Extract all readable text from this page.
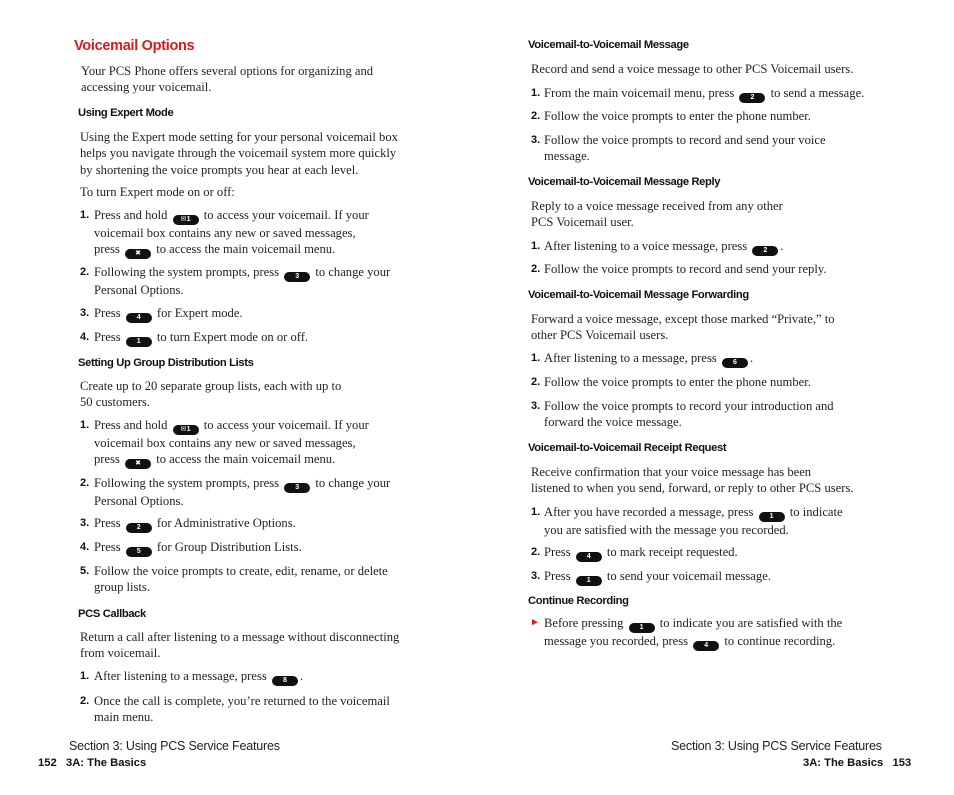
Voicemail Options
Your PCS Phone offers several options for organizing and
accessing your voicemail.
Using Expert Mode
Using the Expert mode setting for your personal voicemail box
helps you navigate through the voicemail system more quickly
by shortening the voice prompts you hear at each level.
To turn Expert mode on or off:
1. Press and hold ✉1 to access your voicemail. If your
voicemail box contains any new or saved messages,
press ✖ to access the main voicemail menu.
2. Following the system prompts, press 3 to change your
Personal Options.
3. Press 4 for Expert mode.
4. Press 1 to turn Expert mode on or off.
Setting Up Group Distribution Lists
Create up to 20 separate group lists, each with up to
50 customers.
1. Press and hold ✉1 to access your voicemail. If your
voicemail box contains any new or saved messages,
press ✖ to access the main voicemail menu.
2. Following the system prompts, press 3 to change your
Personal Options.
3. Press 2 for Administrative Options.
4. Press 5 for Group Distribution Lists.
5. Follow the voice prompts to create, edit, rename, or delete
group lists.
PCS Callback
Return a call after listening to a message without disconnecting
from voicemail.
1. After listening to a message, press 8 .
2. Once the call is complete, you’re returned to the voicemail
main menu.
Section 3: Using PCS Service Features
152   3A: The Basics
Voicemail-to-Voicemail Message
Record and send a voice message to other PCS Voicemail users.
1. From the main voicemail menu, press 2 to send a message.
2. Follow the voice prompts to enter the phone number.
3. Follow the voice prompts to record and send your voice
message.
Voicemail-to-Voicemail Message Reply
Reply to a voice message received from any other
PCS Voicemail user.
1. After listening to a voice message, press 2 .
2. Follow the voice prompts to record and send your reply.
Voicemail-to-Voicemail Message Forwarding
Forward a voice message, except those marked “Private,” to
other PCS Voicemail users.
1. After listening to a message, press 6 .
2. Follow the voice prompts to enter the phone number.
3. Follow the voice prompts to record your introduction and
forward the voice message.
Voicemail-to-Voicemail Receipt Request
Receive confirmation that your voice message has been
listened to when you send, forward, or reply to other PCS users.
1. After you have recorded a message, press 1 to indicate
you are satisfied with the message you recorded.
2. Press 4 to mark receipt requested.
3. Press 1 to send your voicemail message.
Continue Recording
► Before pressing 1 to indicate you are satisfied with the
message you recorded, press 4 to continue recording.
Section 3: Using PCS Service Features
3A: The Basics   153
